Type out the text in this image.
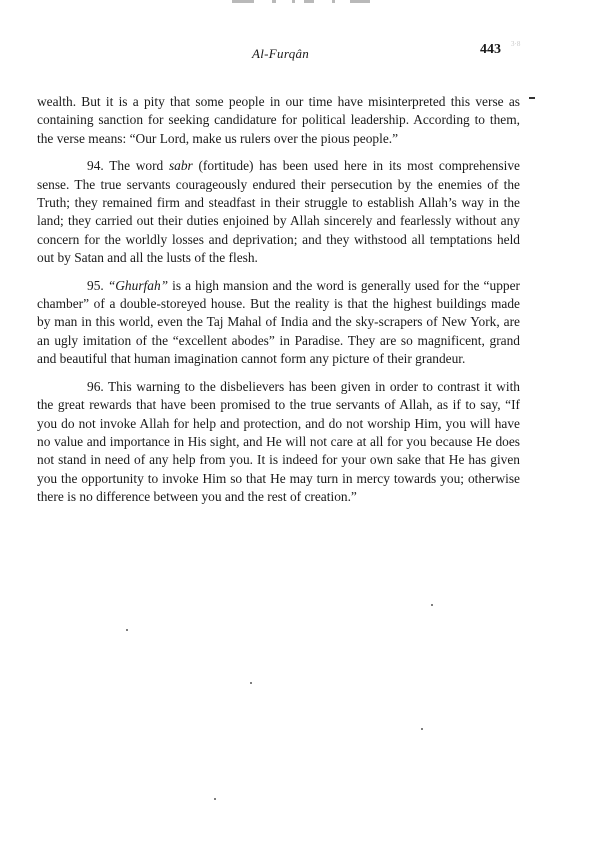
Al-Furqân	443 3·8

wealth. But it is a pity that some people in our time have misinterpreted this verse as containing sanction for seeking candidature for political leadership. According to them, the verse means: “Our Lord, make us rulers over the pious people.”

94. The word sabr (fortitude) has been used here in its most comprehensive sense. The true servants courageously endured their persecution by the enemies of the Truth; they remained firm and steadfast in their struggle to establish Allah’s way in the land; they carried out their duties enjoined by Allah sincerely and fearlessly without any concern for the worldly losses and deprivation; and they withstood all temptations held out by Satan and all the lusts of the flesh.

95. “Ghurfah” is a high mansion and the word is generally used for the “upper chamber” of a double-storeyed house. But the reality is that the highest buildings made by man in this world, even the Taj Mahal of India and the sky-scrapers of New York, are an ugly imitation of the “excellent abodes” in Paradise. They are so magnificent, grand and beautiful that human imagination cannot form any picture of their grandeur.

96. This warning to the disbelievers has been given in order to contrast it with the great rewards that have been promised to the true servants of Allah, as if to say, “If you do not invoke Allah for help and protection, and do not worship Him, you will have no value and importance in His sight, and He will not care at all for you because He does not stand in need of any help from you. It is indeed for your own sake that He has given you the opportunity to invoke Him so that He may turn in mercy towards you; otherwise there is no difference between you and the rest of creation.”
